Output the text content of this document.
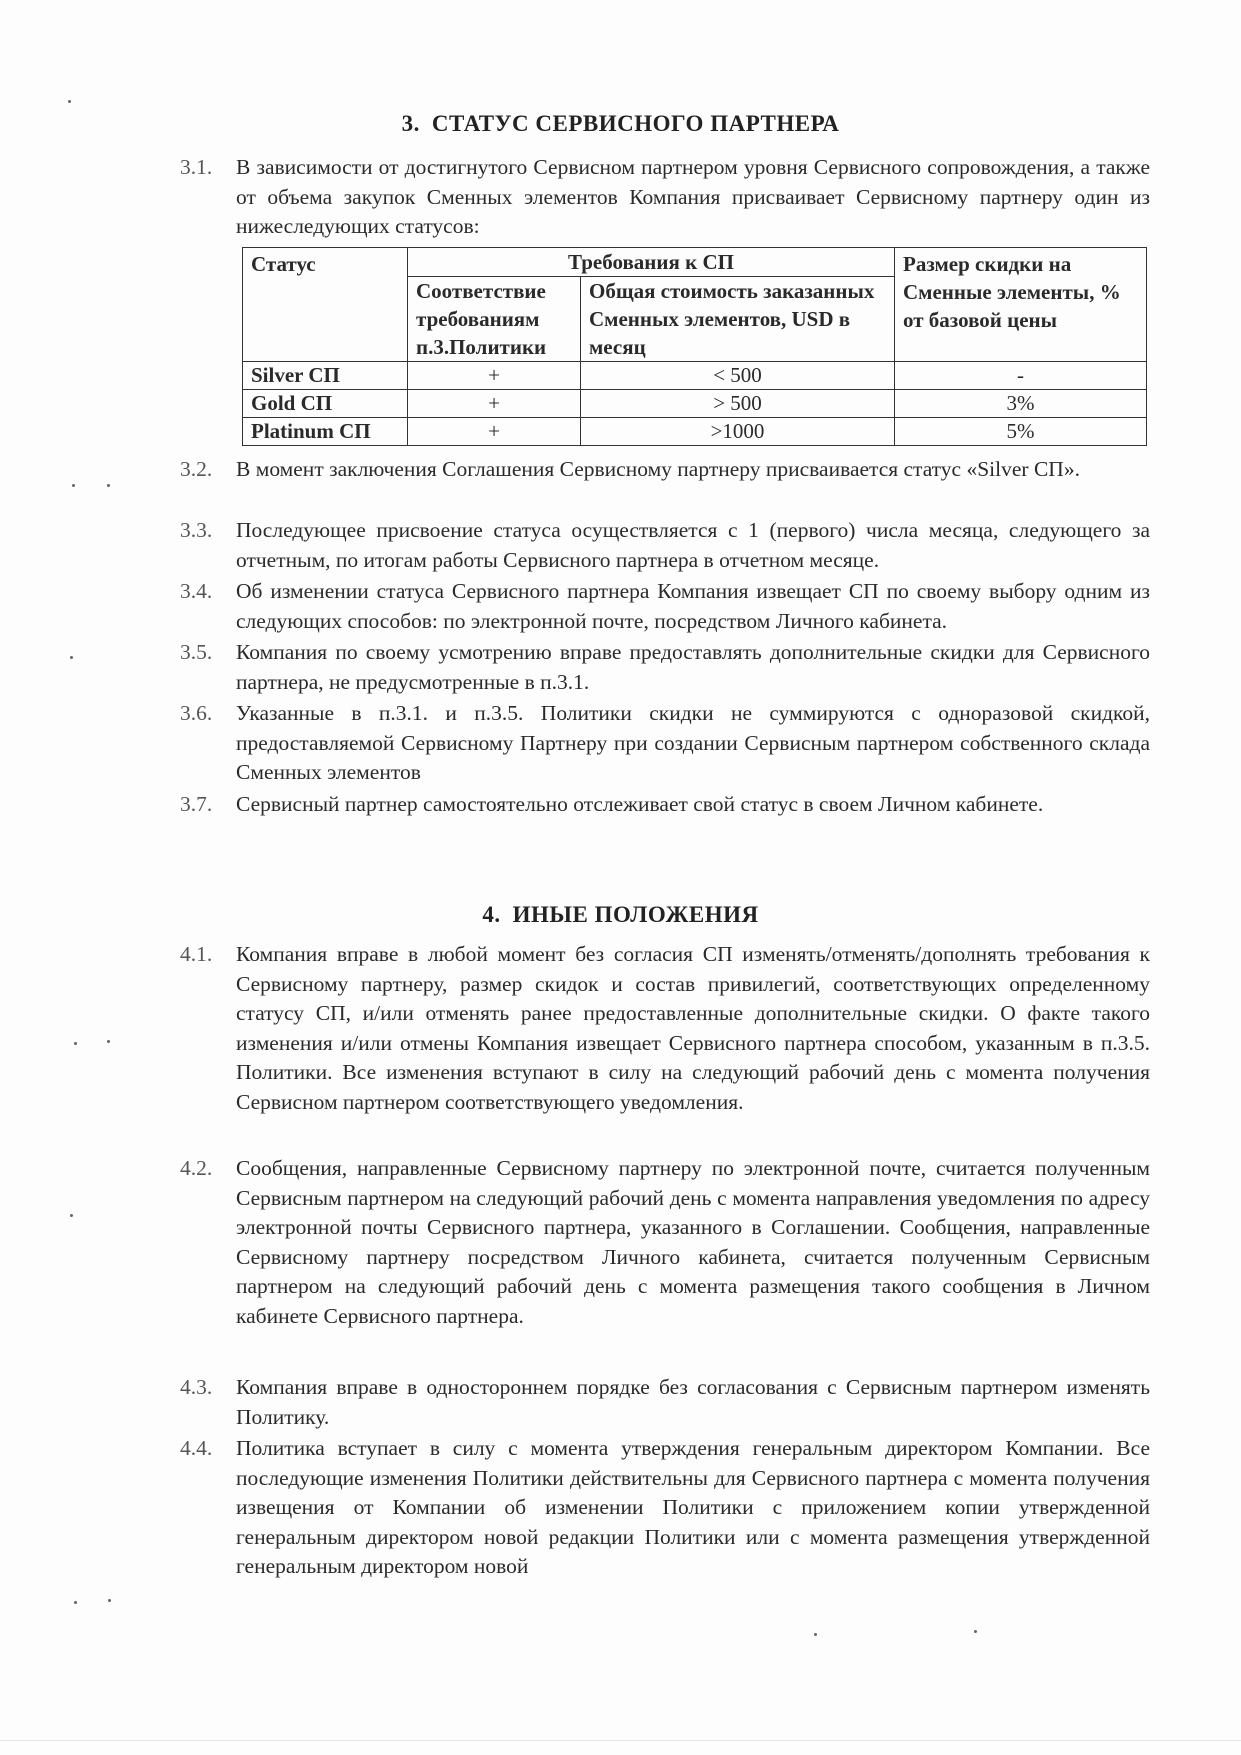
3. СТАТУС СЕРВИСНОГО ПАРТНЕРА
3.1.	В зависимости от достигнутого Сервисном партнером уровня Сервисного сопровождения, а также от объема закупок Сменных элементов Компания присваивает Сервисному партнеру один из нижеследующих статусов:
Статус	Требования к СП		Размер скидки на Сменные элементы, % от базовой цены
	Соответствие требованиям п.3.Политики	Общая стоимость заказанных Сменных элементов, USD в месяц	
Silver СП	+	< 500	-
Gold СП	+	> 500	3%
Platinum СП	+	>1000	5%
3.2.	В момент заключения Соглашения Сервисному партнеру присваивается статус «Silver СП».
3.3.	Последующее присвоение статуса осуществляется с 1 (первого) числа месяца, следующего за отчетным, по итогам работы Сервисного партнера в отчетном месяце.
3.4.	Об изменении статуса Сервисного партнера Компания извещает СП по своему выбору одним из следующих способов: по электронной почте, посредством Личного кабинета.
3.5.	Компания по своему усмотрению вправе предоставлять дополнительные скидки для Сервисного партнера, не предусмотренные в п.3.1.
3.6.	Указанные в п.3.1. и п.3.5. Политики скидки не суммируются с одноразовой скидкой, предоставляемой Сервисному Партнеру при создании Сервисным партнером собственного склада Сменных элементов
3.7.	Сервисный партнер самостоятельно отслеживает свой статус в своем Личном кабинете.
4. ИНЫЕ ПОЛОЖЕНИЯ
4.1.	Компания вправе в любой момент без согласия СП изменять/отменять/дополнять требования к Сервисному партнеру, размер скидок и состав привилегий, соответствующих определенному статусу СП, и/или отменять ранее предоставленные дополнительные скидки. О факте такого изменения и/или отмены Компания извещает Сервисного партнера способом, указанным в п.3.5. Политики. Все изменения вступают в силу на следующий рабочий день с момента получения Сервисном партнером соответствующего уведомления.
4.2.	Сообщения, направленные Сервисному партнеру по электронной почте, считается полученным Сервисным партнером на следующий рабочий день с момента направления уведомления по адресу электронной почты Сервисного партнера, указанного в Соглашении. Сообщения, направленные Сервисному партнеру посредством Личного кабинета, считается полученным Сервисным партнером на следующий рабочий день с момента размещения такого сообщения в Личном кабинете Сервисного партнера.
4.3.	Компания вправе в одностороннем порядке без согласования с Сервисным партнером изменять Политику.
4.4.	Политика вступает в силу с момента утверждения генеральным директором Компании. Все последующие изменения Политики действительны для Сервисного партнера с момента получения извещения от Компании об изменении Политики с приложением копии утвержденной генеральным директором новой редакции Политики или с момента размещения утвержденной генеральным директором новой
